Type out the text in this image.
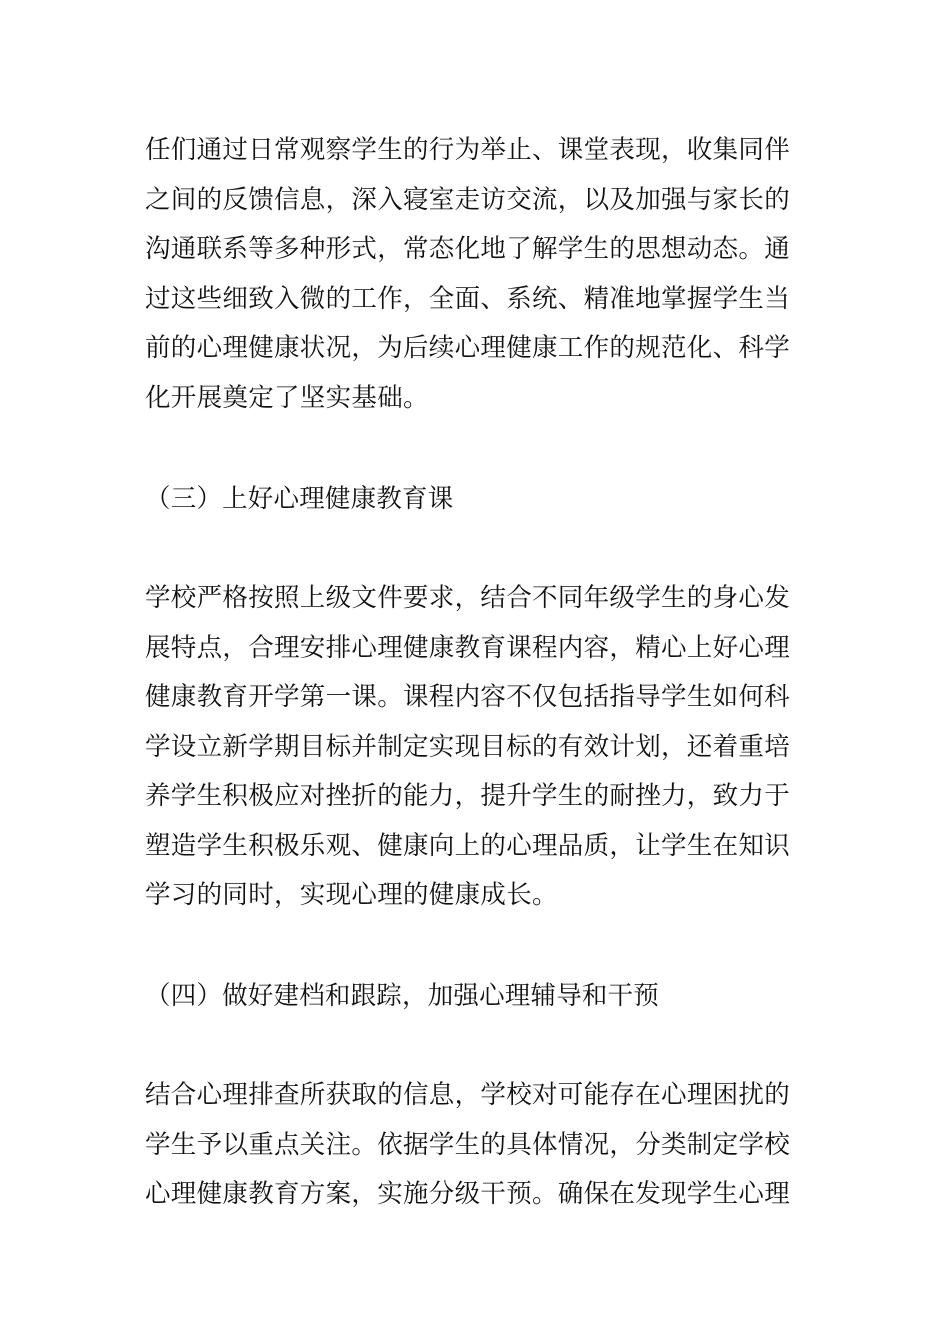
任们通过日常观察学生的行为举止、课堂表现，收集同伴
之间的反馈信息，深入寝室走访交流，以及加强与家长的
沟通联系等多种形式，常态化地了解学生的思想动态。通
过这些细致入微的工作，全面、系统、精准地掌握学生当
前的心理健康状况，为后续心理健康工作的规范化、科学
化开展奠定了坚实基础。
（三）上好心理健康教育课
学校严格按照上级文件要求，结合不同年级学生的身心发
展特点，合理安排心理健康教育课程内容，精心上好心理
健康教育开学第一课。课程内容不仅包括指导学生如何科
学设立新学期目标并制定实现目标的有效计划，还着重培
养学生积极应对挫折的能力，提升学生的耐挫力，致力于
塑造学生积极乐观、健康向上的心理品质，让学生在知识
学习的同时，实现心理的健康成长。
（四）做好建档和跟踪，加强心理辅导和干预
结合心理排查所获取的信息，学校对可能存在心理困扰的
学生予以重点关注。依据学生的具体情况，分类制定学校
心理健康教育方案，实施分级干预。确保在发现学生心理
